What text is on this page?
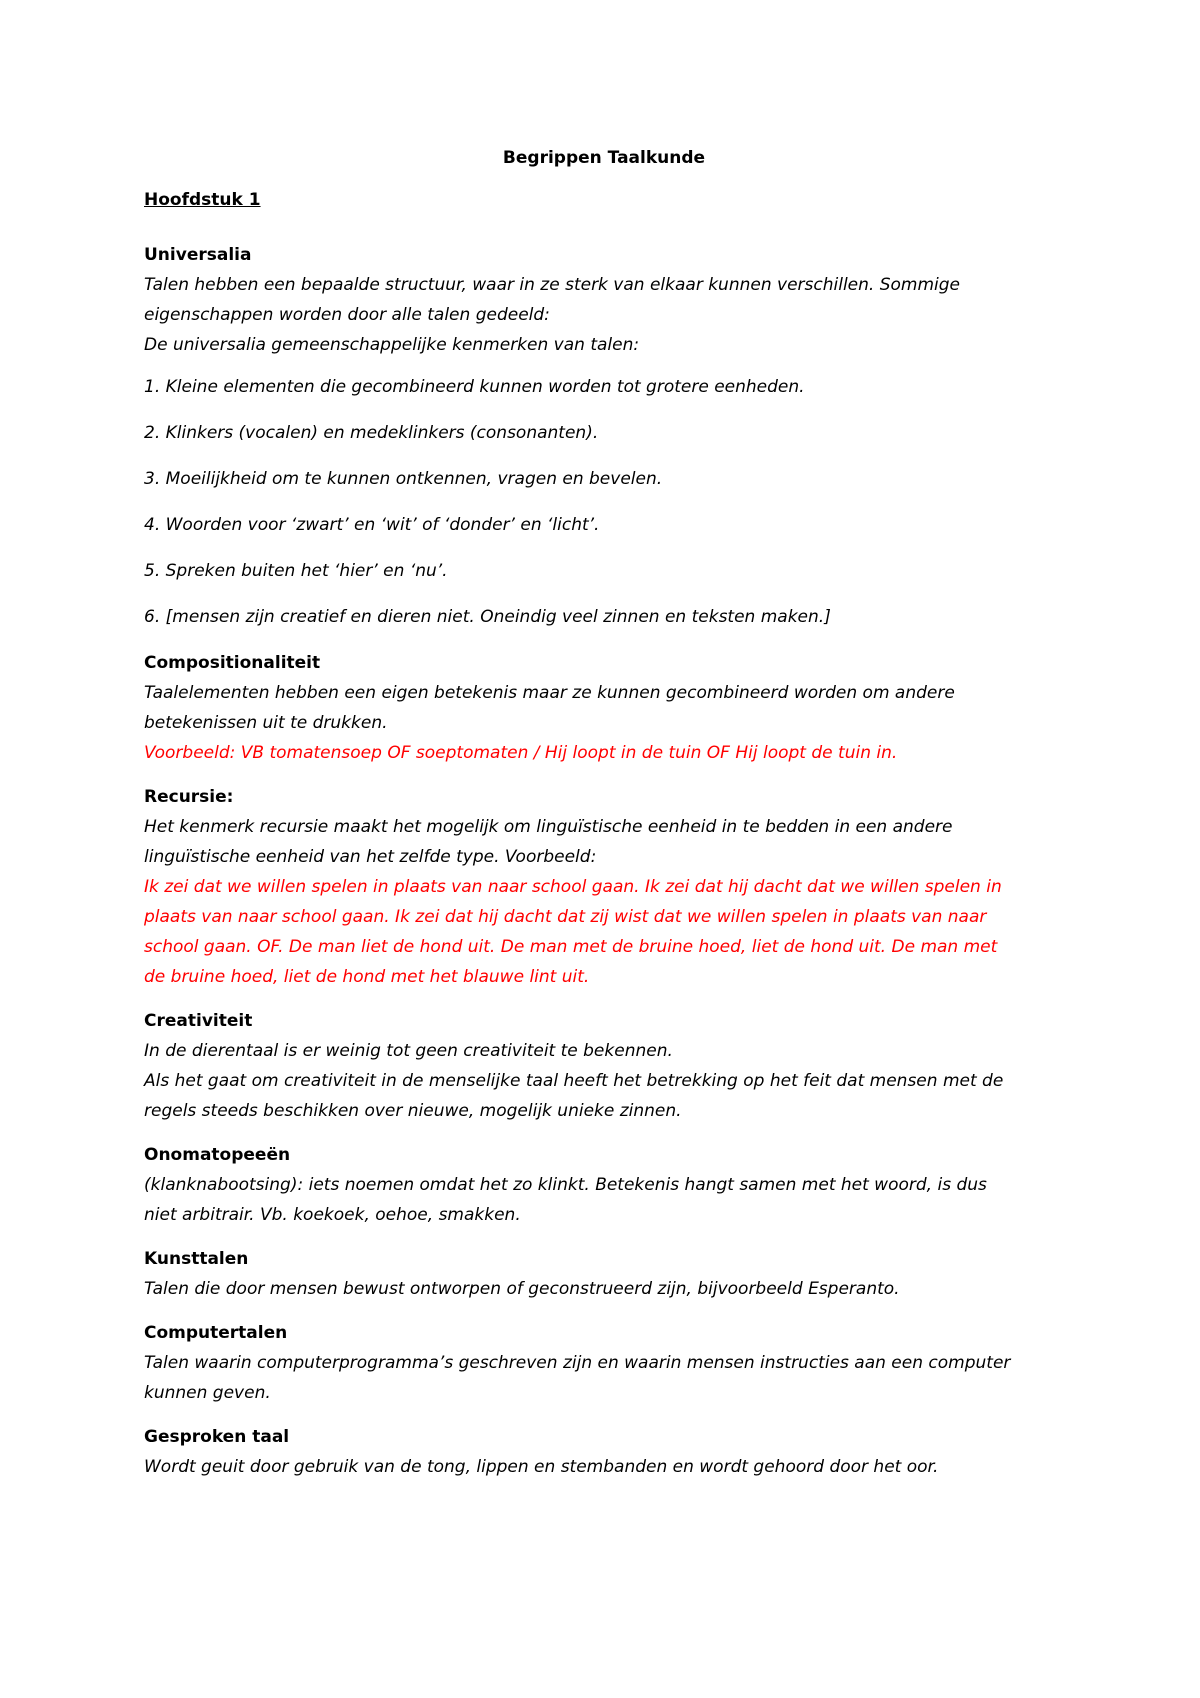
Begrippen Taalkunde

Hoofdstuk 1

Universalia

Talen hebben een bepaalde structuur, waar in ze sterk van elkaar kunnen verschillen. Sommige

eigenschappen worden door alle talen gedeeld:

De universalia gemeenschappelijke kenmerken van talen:

1. Kleine elementen die gecombineerd kunnen worden tot grotere eenheden.

2. Klinkers (vocalen) en medeklinkers (consonanten).

3. Moeilijkheid om te kunnen ontkennen, vragen en bevelen.

4. Woorden voor ‘zwart’ en ‘wit’ of ‘donder’ en ‘licht’.

5. Spreken buiten het ‘hier’ en ‘nu’.

6. [mensen zijn creatief en dieren niet. Oneindig veel zinnen en teksten maken.]

Compositionaliteit

Taalelementen hebben een eigen betekenis maar ze kunnen gecombineerd worden om andere

betekenissen uit te drukken.

Voorbeeld: VB tomatensoep OF soeptomaten / Hij loopt in de tuin OF Hij loopt de tuin in.

Recursie:

Het kenmerk recursie maakt het mogelijk om linguïstische eenheid in te bedden in een andere

linguïstische eenheid van het zelfde type. Voorbeeld:

Ik zei dat we willen spelen in plaats van naar school gaan. Ik zei dat hij dacht dat we willen spelen in

plaats van naar school gaan. Ik zei dat hij dacht dat zij wist dat we willen spelen in plaats van naar

school gaan. OF. De man liet de hond uit. De man met de bruine hoed, liet de hond uit. De man met

de bruine hoed, liet de hond met het blauwe lint uit.

Creativiteit

In de dierentaal is er weinig tot geen creativiteit te bekennen.

Als het gaat om creativiteit in de menselijke taal heeft het betrekking op het feit dat mensen met de

regels steeds beschikken over nieuwe, mogelijk unieke zinnen.

Onomatopeeën

(klanknabootsing): iets noemen omdat het zo klinkt. Betekenis hangt samen met het woord, is dus

niet arbitrair. Vb. koekoek, oehoe, smakken.

Kunsttalen

Talen die door mensen bewust ontworpen of geconstrueerd zijn, bijvoorbeeld Esperanto.

Computertalen

Talen waarin computerprogramma’s geschreven zijn en waarin mensen instructies aan een computer

kunnen geven.

Gesproken taal

Wordt geuit door gebruik van de tong, lippen en stembanden en wordt gehoord door het oor.
